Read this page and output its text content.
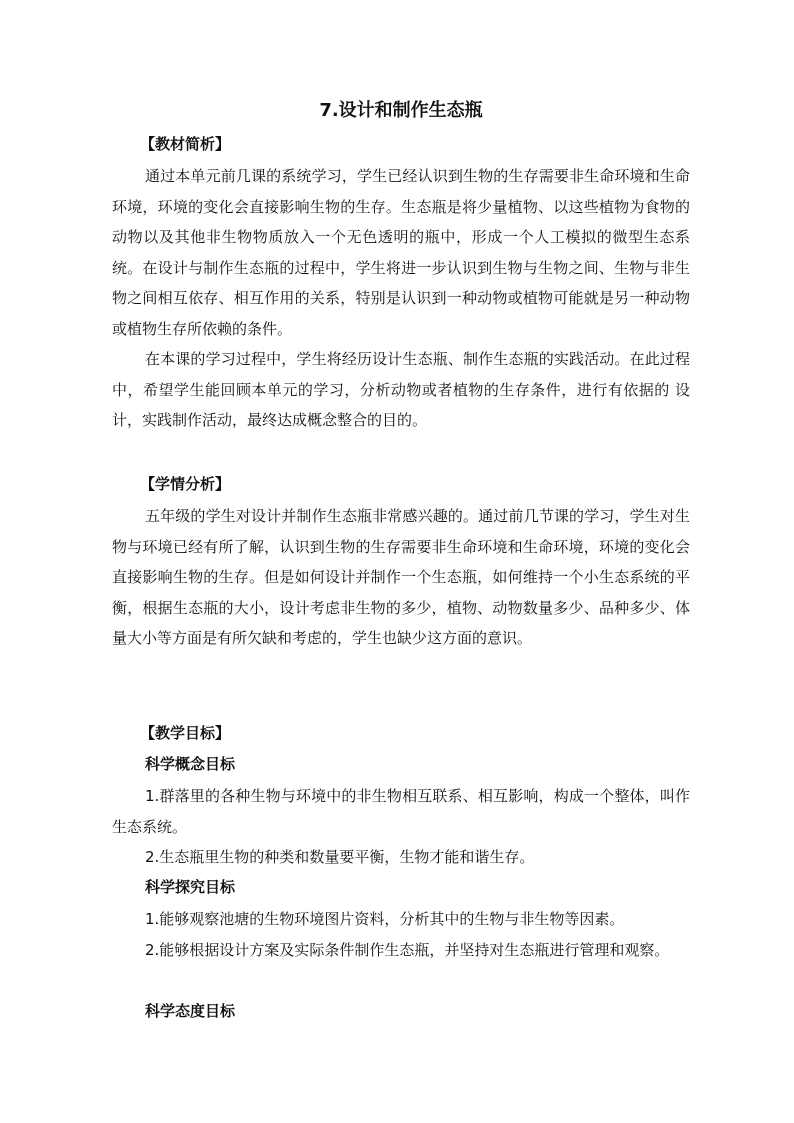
7.设计和制作生态瓶
【教材简析】

通过本单元前几课的系统学习，学生已经认识到生物的生存需要非生命环境和生命环境，环境的变化会直接影响生物的生存。生态瓶是将少量植物、以这些植物为食物的动物以及其他非生物物质放入一个无色透明的瓶中，形成一个人工模拟的微型生态系统。在设计与制作生态瓶的过程中，学生将进一步认识到生物与生物之间、生物与非生物之间相互依存、相互作用的关系，特别是认识到一种动物或植物可能就是另一种动物或植物生存所依赖的条件。

在本课的学习过程中，学生将经历设计生态瓶、制作生态瓶的实践活动。在此过程中，希望学生能回顾本单元的学习，分析动物或者植物的生存条件，进行有依据的 设计，实践制作活动，最终达成概念整合的目的。

【学情分析】

五年级的学生对设计并制作生态瓶非常感兴趣的。通过前几节课的学习，学生对生物与环境已经有所了解，认识到生物的生存需要非生命环境和生命环境，环境的变化会直接影响生物的生存。但是如何设计并制作一个生态瓶，如何维持一个小生态系统的平衡，根据生态瓶的大小，设计考虑非生物的多少，植物、动物数量多少、品种多少、体量大小等方面是有所欠缺和考虑的，学生也缺少这方面的意识。

【教学目标】
科学概念目标

1.群落里的各种生物与环境中的非生物相互联系、相互影响，构成一个整体，叫作生态系统。

2.生态瓶里生物的种类和数量要平衡，生物才能和谐生存。

科学探究目标

1.能够观察池塘的生物环境图片资料，分析其中的生物与非生物等因素。

2.能够根据设计方案及实际条件制作生态瓶，并坚持对生态瓶进行管理和观察。

科学态度目标
